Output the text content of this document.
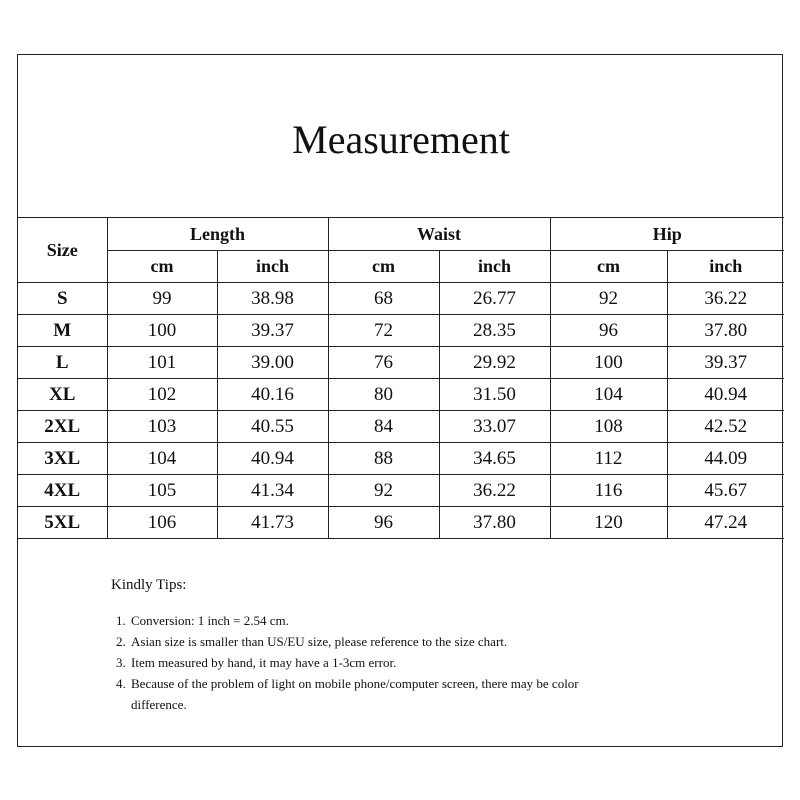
Measurement
Size	Length		Waist		Hip	
	cm	inch	cm	inch	cm	inch
S	99	38.98	68	26.77	92	36.22
M	100	39.37	72	28.35	96	37.80
L	101	39.00	76	29.92	100	39.37
XL	102	40.16	80	31.50	104	40.94
2XL	103	40.55	84	33.07	108	42.52
3XL	104	40.94	88	34.65	112	44.09
4XL	105	41.34	92	36.22	116	45.67
5XL	106	41.73	96	37.80	120	47.24
Kindly Tips:
1. Conversion: 1 inch = 2.54 cm.
2. Asian size is smaller than US/EU size, please reference to the size chart.
3. Item measured by hand, it may have a 1-3cm error.
4. Because of the problem of light on mobile phone/computer screen, there may be color difference.
